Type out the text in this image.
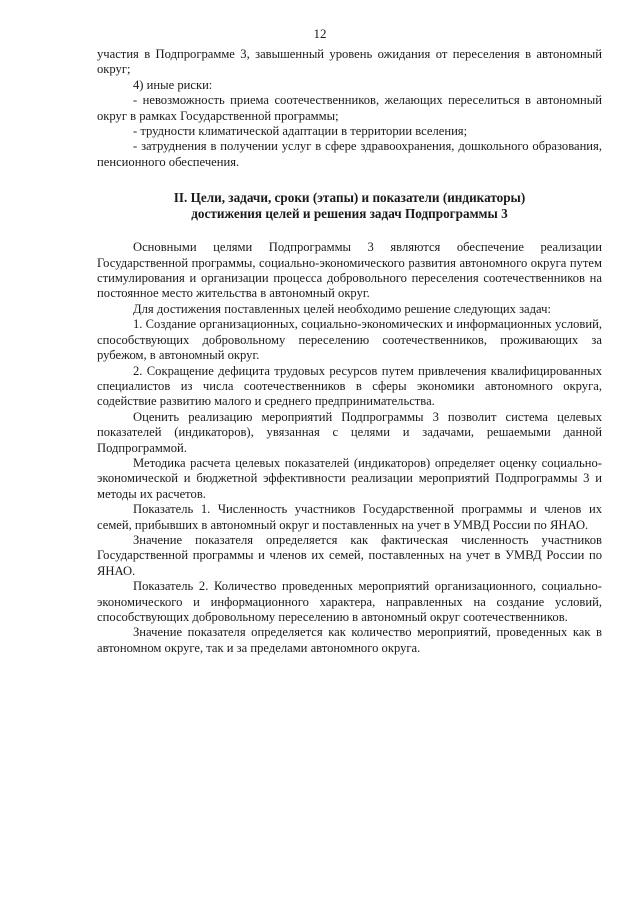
12

участия в Подпрограмме 3, завышенный уровень ожидания от переселения в автономный округ;

4) иные риски:

- невозможность приема соотечественников, желающих переселиться в автономный округ в рамках Государственной программы;

- трудности климатической адаптации в территории вселения;

- затруднения в получении услуг в сфере здравоохранения, дошкольного образования, пенсионного обеспечения.

II. Цели, задачи, сроки (этапы) и показатели (индикаторы)
достижения целей и решения задач Подпрограммы 3

Основными целями Подпрограммы 3 являются обеспечение реализации Государственной программы, социально-экономического развития автономного округа путем стимулирования и организации процесса добровольного переселения соотечественников на постоянное место жительства в автономный округ.

Для достижения поставленных целей необходимо решение следующих задач:

1. Создание организационных, социально-экономических и информационных условий, способствующих добровольному переселению соотечественников, проживающих за рубежом, в автономный округ.

2. Сокращение дефицита трудовых ресурсов путем привлечения квалифицированных специалистов из числа соотечественников в сферы экономики автономного округа, содействие развитию малого и среднего предпринимательства.

Оценить реализацию мероприятий Подпрограммы 3 позволит система целевых показателей (индикаторов), увязанная с целями и задачами, решаемыми данной Подпрограммой.

Методика расчета целевых показателей (индикаторов) определяет оценку социально-экономической и бюджетной эффективности реализации мероприятий Подпрограммы 3 и методы их расчетов.

Показатель 1. Численность участников Государственной программы и членов их семей, прибывших в автономный округ и поставленных на учет в УМВД России по ЯНАО.

Значение показателя определяется как фактическая численность участников Государственной программы и членов их семей, поставленных на учет в УМВД России по ЯНАО.

Показатель 2. Количество проведенных мероприятий организационного, социально-экономического и информационного характера, направленных на создание условий, способствующих добровольному переселению в автономный округ соотечественников.

Значение показателя определяется как количество мероприятий, проведенных как в автономном округе, так и за пределами автономного округа.
